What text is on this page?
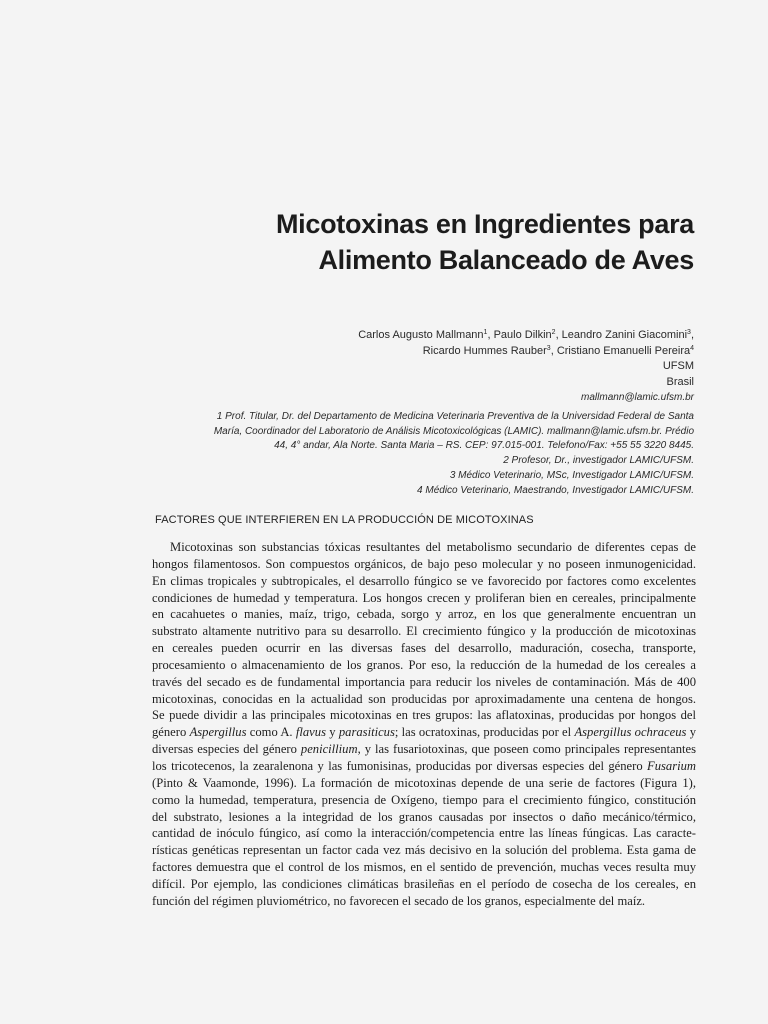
Micotoxinas en Ingredientes para
Alimento Balanceado de Aves
Carlos Augusto Mallmann$^1$, Paulo Dilkin$^2$, Leandro Zanini Giacomini$^3$,
Ricardo Hummes Rauber$^3$, Cristiano Emanuelli Pereira$^4$
UFSM
Brasil
mallmann@lamic.ufsm.br
1 Prof. Titular, Dr. del Departamento de Medicina Veterinaria Preventiva de la Universidad Federal de Santa
María, Coordinador del Laboratorio de Análisis Micotoxicológicas (LAMIC). mallmann@lamic.ufsm.br. Prédio
44, 4° andar, Ala Norte. Santa Maria – RS. CEP: 97.015-001. Telefono/Fax: +55 55 3220 8445.
2 Profesor, Dr., investigador LAMIC/UFSM.
3 Médico Veterinario, MSc, Investigador LAMIC/UFSM.
4 Médico Veterinario, Maestrando, Investigador LAMIC/UFSM.
FACTORES QUE INTERFIEREN EN LA PRODUCCIÓN DE MICOTOXINAS
Micotoxinas son substancias tóxicas resultantes del metabolismo secundario de diferentes cepas de
hongos filamentosos. Son compuestos orgánicos, de bajo peso molecular y no poseen inmunogenicidad.
En climas tropicales y subtropicales, el desarrollo fúngico se ve favorecido por factores como excelentes
condiciones de humedad y temperatura. Los hongos crecen y proliferan bien en cereales, principalmente
en cacahuetes o manies, maíz, trigo, cebada, sorgo y arroz, en los que generalmente encuentran un
substrato altamente nutritivo para su desarrollo. El crecimiento fúngico y la producción de micotoxinas
en cereales pueden ocurrir en las diversas fases del desarrollo, maduración, cosecha, transporte,
procesamiento o almacenamiento de los granos. Por eso, la reducción de la humedad de los cereales a
través del secado es de fundamental importancia para reducir los niveles de contaminación. Más de 400
micotoxinas, conocidas en la actualidad son producidas por aproximadamente una centena de hongos.
Se puede dividir a las principales micotoxinas en tres grupos: las aflatoxinas, producidas por hongos del
género Aspergillus como A. flavus y parasiticus; las ocratoxinas, producidas por el Aspergillus ochraceus y
diversas especies del género penicillium, y las fusariotoxinas, que poseen como principales representantes
los tricotecenos, la zearalenona y las fumonisinas, producidas por diversas especies del género Fusarium
(Pinto & Vaamonde, 1996). La formación de micotoxinas depende de una serie de factores (Figura 1),
como la humedad, temperatura, presencia de Oxígeno, tiempo para el crecimiento fúngico, constitución
del substrato, lesiones a la integridad de los granos causadas por insectos o daño mecánico/térmico,
cantidad de inóculo fúngico, así como la interacción/competencia entre las líneas fúngicas. Las caracte-
rísticas genéticas representan un factor cada vez más decisivo en la solución del problema. Esta gama de
factores demuestra que el control de los mismos, en el sentido de prevención, muchas veces resulta muy
difícil. Por ejemplo, las condiciones climáticas brasileñas en el período de cosecha de los cereales, en
función del régimen pluviométrico, no favorecen el secado de los granos, especialmente del maíz.
